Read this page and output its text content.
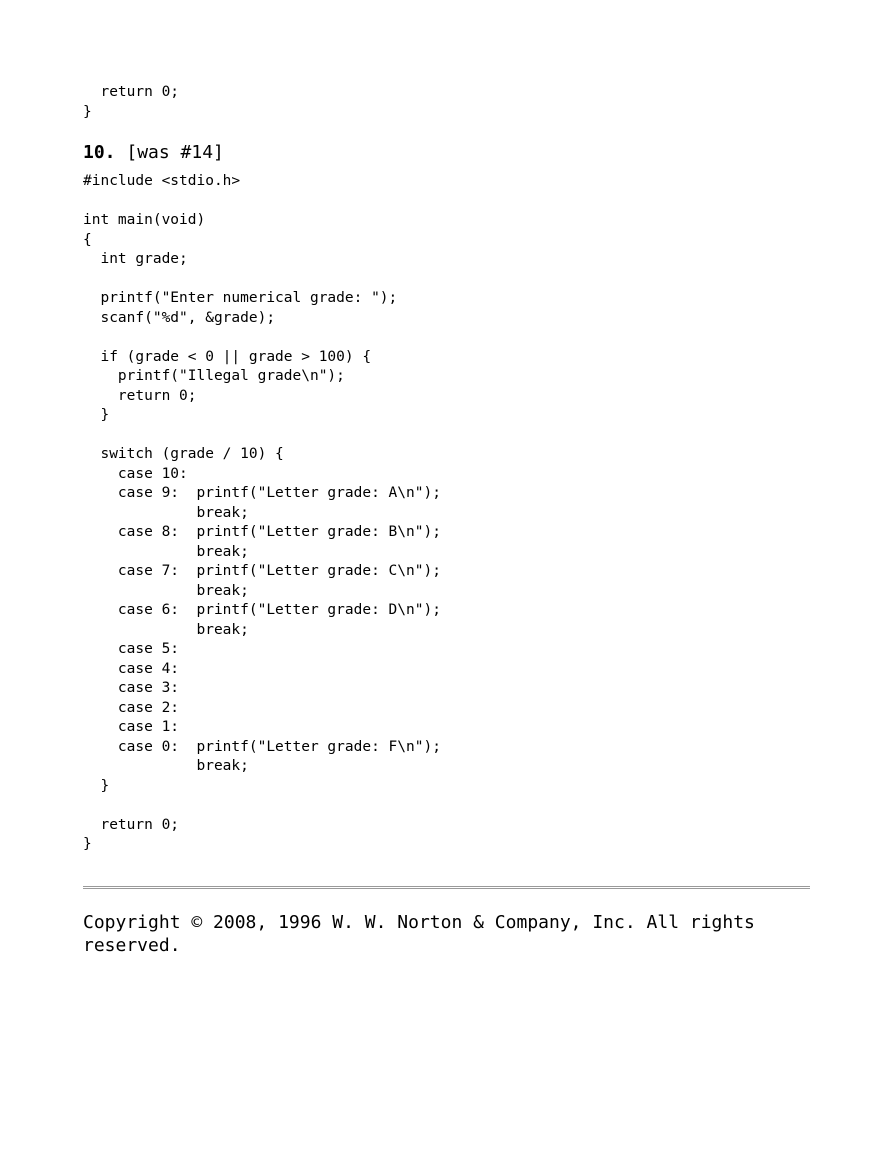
return 0;
}
10. [was #14]
#include <stdio.h>

int main(void)
{
int grade;

printf("Enter numerical grade: ");
scanf("%d", &grade);

if (grade < 0 || grade > 100) {
printf("Illegal grade\n");
return 0;
}

switch (grade / 10) {
case 10:
case 9:  printf("Letter grade: A\n");
break;
case 8:  printf("Letter grade: B\n");
break;
case 7:  printf("Letter grade: C\n");
break;
case 6:  printf("Letter grade: D\n");
break;
case 5:
case 4:
case 3:
case 2:
case 1:
case 0:  printf("Letter grade: F\n");
break;
}

return 0;
}
Copyright © 2008, 1996 W. W. Norton & Company, Inc. All rights
reserved.
